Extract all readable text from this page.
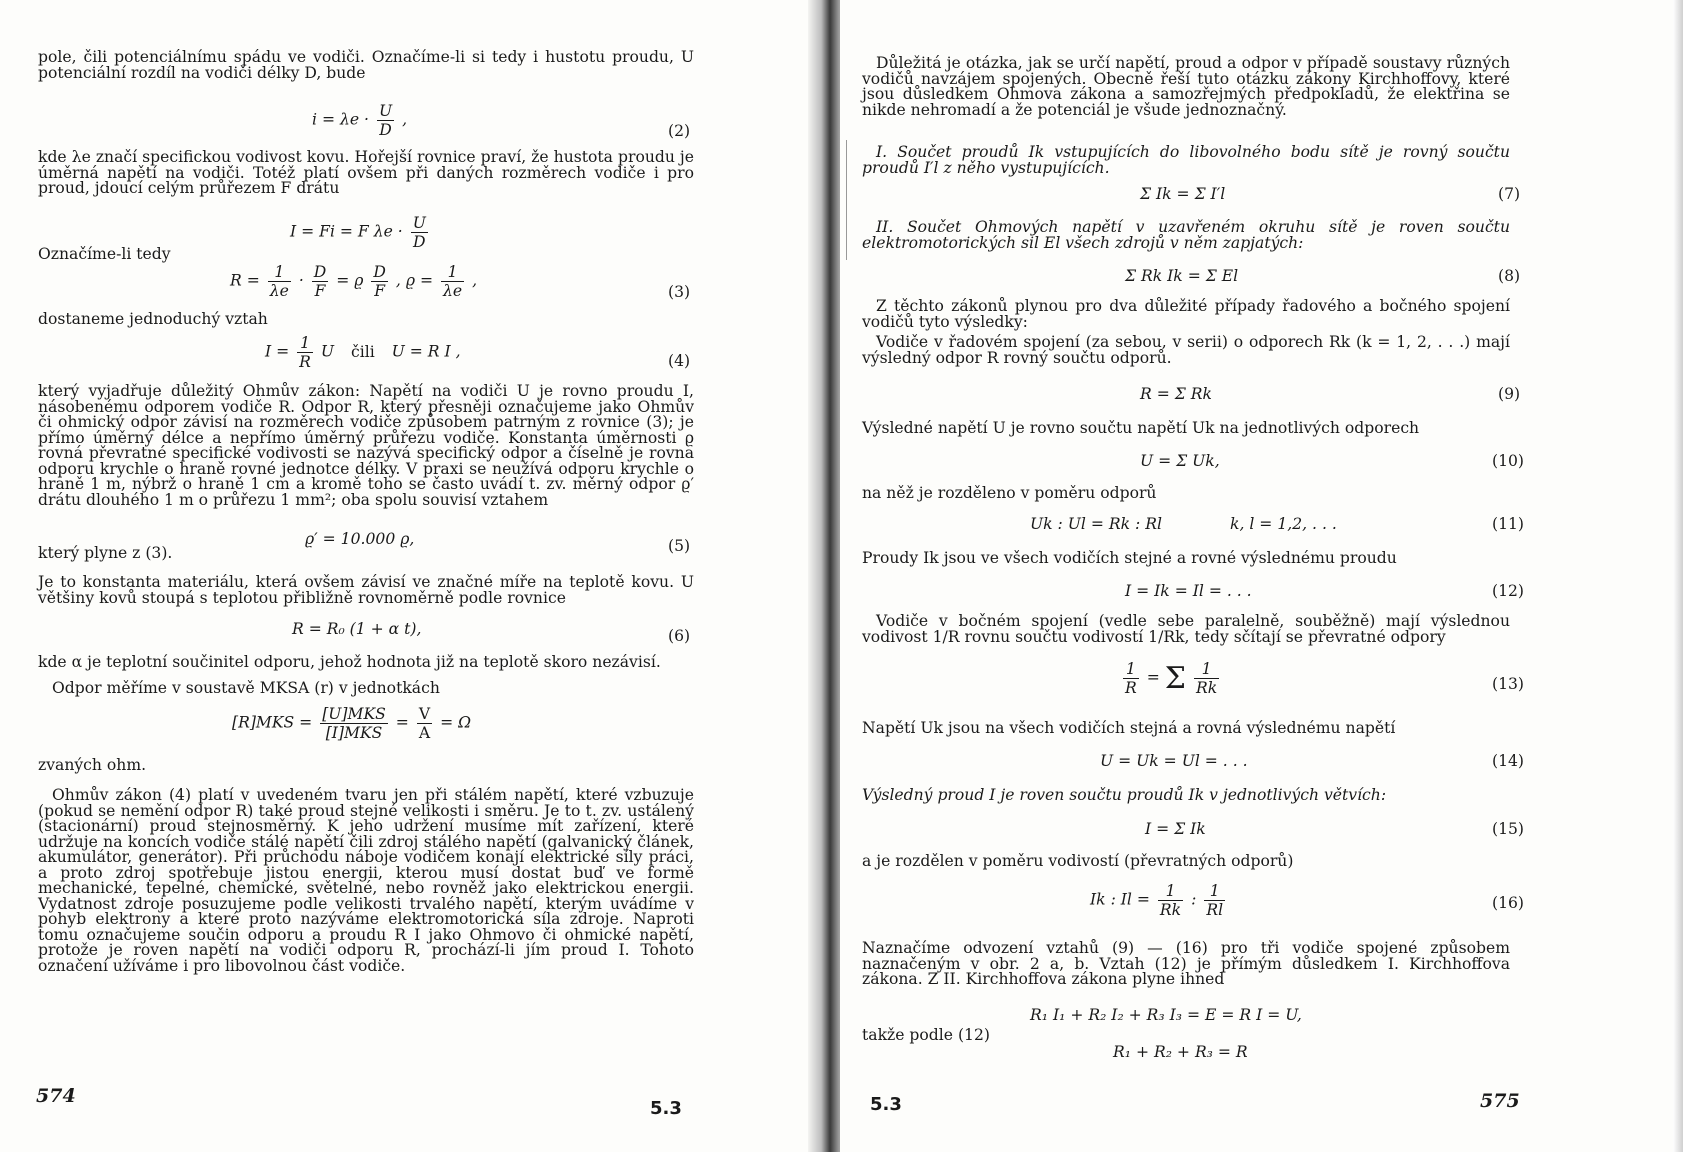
pole, čili potenciálnímu spádu ve vodiči. Označíme-li si tedy i hustotu proudu, U potenciální rozdíl na vodiči délky D, bude
$i = \lambda e \cdot \frac{U}{D}$ ,
(2)
kde λe značí specifickou vodivost kovu. Hořejší rovnice praví, že hustota proudu je úměrná napětí na vodiči. Totéž platí ovšem při daných rozměrech vodiče i pro proud, jdoucí celým průřezem F drátu
I = Fi = F $\lambda e \cdot \frac{U}{D}$
Označíme-li tedy
$R = \frac{1}{\lambda e} \cdot \frac{D}{F} = ϱ \frac{D}{F}$ , $ϱ = \frac{1}{\lambda e}$ ,
(3)
dostaneme jednoduchý vztah
$I = \frac{1}{R}$ U čili U = R I ,
(4)
který vyjadřuje důležitý Ohmův zákon: Napětí na vodiči U je rovno proudu I, násobenému odporem vodiče R. Odpor R, který přesněji označujeme jako Ohmův či ohmický odpor závisí na rozměrech vodiče způsobem patrným z rovnice (3); je přímo úměrný délce a nepřímo úměrný průřezu vodiče. Konstanta úměrnosti ϱ rovná převratné specifické vodivosti se nazývá specifický odpor a číselně je rovna odporu krychle o hraně rovné jednotce délky. V praxi se neužívá odporu krychle o hraně 1 m, nýbrž o hraně 1 cm a kromě toho se často uvádí t. zv. měrný odpor ϱ′ drátu dlouhého 1 m o průřezu 1 mm²; oba spolu souvisí vztahem
ϱ′ = 10.000 ϱ,	(5)
který plyne z (3).
Je to konstanta materiálu, která ovšem závisí ve značné míře na teplotě kovu. U většiny kovů stoupá s teplotou přibližně rovnoměrně podle rovnice
R = R₀ (1 + α t),	(6)
kde α je teplotní součinitel odporu, jehož hodnota již na teplotě skoro nezávisí.
Odpor měříme v soustavě MKSA (r) v jednotkách
$[R]MKS = \frac{\text{[U]MKS}}{\text{[I]MKS}} = \frac{V}{A} = \Omega$
zvaných ohm.
Ohmův zákon (4) platí v uvedeném tvaru jen při stálém napětí, které vzbuzuje (pokud se nemění odpor R) také proud stejné velikosti i směru. Je to t. zv. ustálený (stacionární) proud stejnosměrný. K jeho udržení musíme mít zařízení, které udržuje na koncích vodiče stálé napětí čili zdroj stálého napětí (galvanický článek, akumulátor, generátor). Při průchodu náboje vodičem konají elektrické síly práci, a proto zdroj spotřebuje jistou energii, kterou musí dostat buď ve formě mechanické, tepelné, chemické, světelné, nebo rovněž jako elektrickou energii. Vydatnost zdroje posuzujeme podle velikosti trvalého napětí, kterým uvádíme v pohyb elektrony a které proto nazýváme elektromotorická síla zdroje. Naproti tomu označujeme součin odporu a proudu R I jako Ohmovo či ohmické napětí, protože je roven napětí na vodiči odporu R, prochází-li jím proud I. Tohoto označení užíváme i pro libovolnou část vodiče.
574
5.3
Důležitá je otázka, jak se určí napětí, proud a odpor v případě soustavy různých vodičů navzájem spojených. Obecně řeší tuto otázku zákony Kirchhoffovy, které jsou důsledkem Ohmova zákona a samozřejmých předpokladů, že elektřina se nikde nehromadí a že potenciál je všude jednoznačný.
I. Součet proudů Ik vstupujících do libovolného bodu sítě je rovný součtu proudů I′l z něho vystupujících.
Σ Ik = Σ I′l	(7)
II. Součet Ohmových napětí v uzavřeném okruhu sítě je roven součtu elektromotorických sil El všech zdrojů v něm zapjatých:
Σ Rk Ik = Σ El	(8)
Z těchto zákonů plynou pro dva důležité případy řadového a bočného spojení vodičů tyto výsledky:
Vodiče v řadovém spojení (za sebou, v serii) o odporech Rk (k = 1, 2, . . .) mají výsledný odpor R rovný součtu odporů.
R = Σ Rk	(9)
Výsledné napětí U je rovno součtu napětí Uk na jednotlivých odporech
U = Σ Uk,	(10)
na něž je rozděleno v poměru odporů
Uk : Ul = Rk : Rl	k, l = 1,2, . . .	(11)
Proudy Ik jsou ve všech vodičích stejné a rovné výslednému proudu
I = Ik = Il = . . .	(12)
Vodiče v bočném spojení (vedle sebe paralelně, souběžně) mají výslednou vodivost 1/R rovnu součtu vodivostí 1/Rk, tedy sčítají se převratné odpory
$\frac{1}{R} = \Sigma \frac{1}{Rk}$	(13)
Napětí Uk jsou na všech vodičích stejná a rovná výslednému napětí
U = Uk = Ul = . . .	(14)
Výsledný proud I je roven součtu proudů Ik v jednotlivých větvích:
I = Σ Ik	(15)
a je rozdělen v poměru vodivostí (převratných odporů)
Ik : $Il = \frac{1}{Rk}$ : $\frac{1}{Rl}$	(16)
Naznačíme odvození vztahů (9) — (16) pro tři vodiče spojené způsobem naznačeným v obr. 2 a, b. Vztah (12) je přímým důsledkem I. Kirchhoffova zákona. Z II. Kirchhoffova zákona plyne ihned
R₁ I₁ + R₂ I₂ + R₃ I₃ = E = R I = U,
takže podle (12)
R₁ + R₂ + R₃ = R
5.3	575
